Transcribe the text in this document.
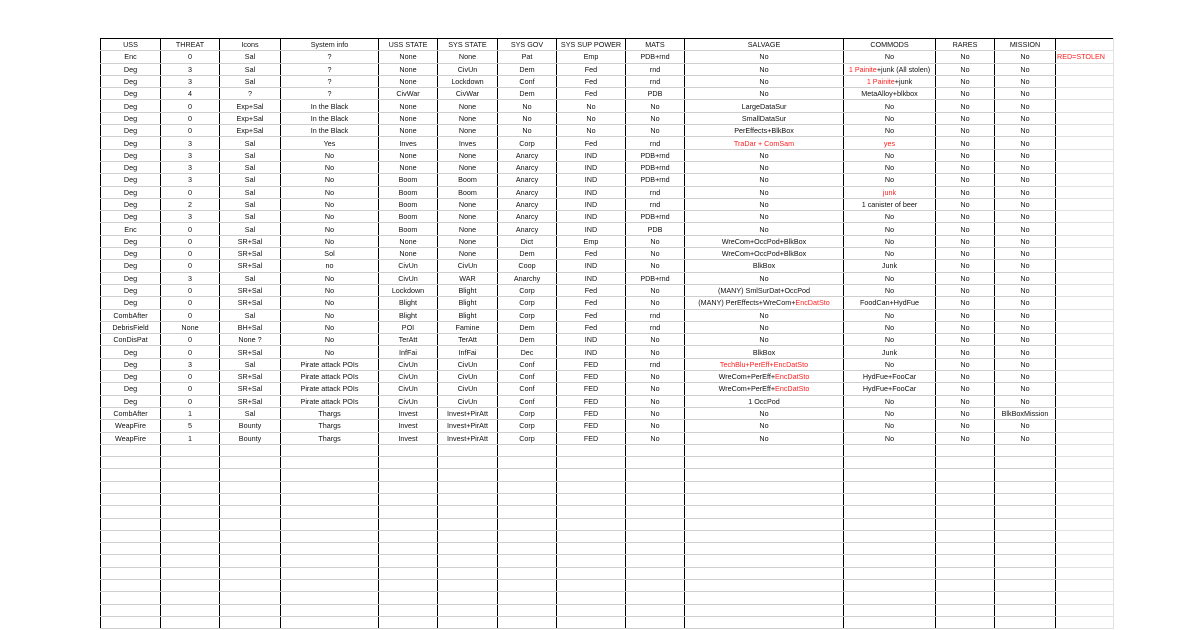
USS	THREAT	Icons	System info	USS STATE	SYS STATE	SYS GOV	SYS SUP POWER	MATS	SALVAGE	COMMODS	RARES	MISSION	
Enc	0	Sal	?	None	None	Pat	Emp	PDB+rnd	No	No	No	No	RED=STOLEN
Deg	3	Sal	?	None	CivUn	Dem	Fed	rnd	No	1 Painite+junk (All stolen)	No	No	
Deg	3	Sal	?	None	Lockdown	Conf	Fed	rnd	No	1 Painite+junk	No	No	
Deg	4	?	?	CivWar	CivWar	Dem	Fed	PDB	No	MetaAlloy+blkbox	No	No	
Deg	0	Exp+Sal	In the Black	None	None	No	No	No	LargeDataSur	No	No	No	
Deg	0	Exp+Sal	In the Black	None	None	No	No	No	SmallDataSur	No	No	No	
Deg	0	Exp+Sal	In the Black	None	None	No	No	No	PerEffects+BlkBox	No	No	No	
Deg	3	Sal	Yes	Inves	Inves	Corp	Fed	rnd	TraDar + ComSam	yes	No	No	
Deg	3	Sal	No	None	None	Anarcy	IND	PDB+rnd	No	No	No	No	
Deg	3	Sal	No	None	None	Anarcy	IND	PDB+rnd	No	No	No	No	
Deg	3	Sal	No	Boom	Boom	Anarcy	IND	PDB+rnd	No	No	No	No	
Deg	0	Sal	No	Boom	Boom	Anarcy	IND	rnd	No	junk	No	No	
Deg	2	Sal	No	Boom	None	Anarcy	IND	rnd	No	1 canister of beer	No	No	
Deg	3	Sal	No	Boom	None	Anarcy	IND	PDB+rnd	No	No	No	No	
Enc	0	Sal	No	Boom	None	Anarcy	IND	PDB	No	No	No	No	
Deg	0	SR+Sal	No	None	None	Dict	Emp	No	WreCom+OccPod+BlkBox	No	No	No	
Deg	0	SR+Sal	Sol	None	None	Dem	Fed	No	WreCom+OccPod+BlkBox	No	No	No	
Deg	0	SR+Sal	no	CivUn	CivUn	Coop	IND	No	BlkBox	Junk	No	No	
Deg	3	Sal	No	CivUn	WAR	Anarchy	IND	PDB+rnd	No	No	No	No	
Deg	0	SR+Sal	No	Lockdown	Blight	Corp	Fed	No	(MANY) SmlSurDat+OccPod	No	No	No	
Deg	0	SR+Sal	No	Blight	Blight	Corp	Fed	No	(MANY) PerEffects+WreCom+EncDatSto	FoodCan+HydFue	No	No	
CombAfter	0	Sal	No	Blight	Blight	Corp	Fed	rnd	No	No	No	No	
DebrisField	None	BH+Sal	No	POI	Famine	Dem	Fed	rnd	No	No	No	No	
ConDisPat	0	None ?	No	TerAtt	TerAtt	Dem	IND	No	No	No	No	No	
Deg	0	SR+Sal	No	InfFai	InfFai	Dec	IND	No	BlkBox	Junk	No	No	
Deg	3	Sal	Pirate attack POIs	CivUn	CivUn	Conf	FED	rnd	TechBlu+PerEff+EncDatSto	No	No	No	
Deg	0	SR+Sal	Pirate attack POIs	CivUn	CivUn	Conf	FED	No	WreCom+PerEff+EncDatSto	HydFue+FooCar	No	No	
Deg	0	SR+Sal	Pirate attack POIs	CivUn	CivUn	Conf	FED	No	WreCom+PerEff+EncDatSto	HydFue+FooCar	No	No	
Deg	0	SR+Sal	Pirate attack POIs	CivUn	CivUn	Conf	FED	No	1 OccPod	No	No	No	
CombAfter	1	Sal	Thargs	Invest	Invest+PirAtt	Corp	FED	No	No	No	No	BlkBoxMission	
WeapFire	5	Bounty	Thargs	Invest	Invest+PirAtt	Corp	FED	No	No	No	No	No	
WeapFire	1	Bounty	Thargs	Invest	Invest+PirAtt	Corp	FED	No	No	No	No	No	
